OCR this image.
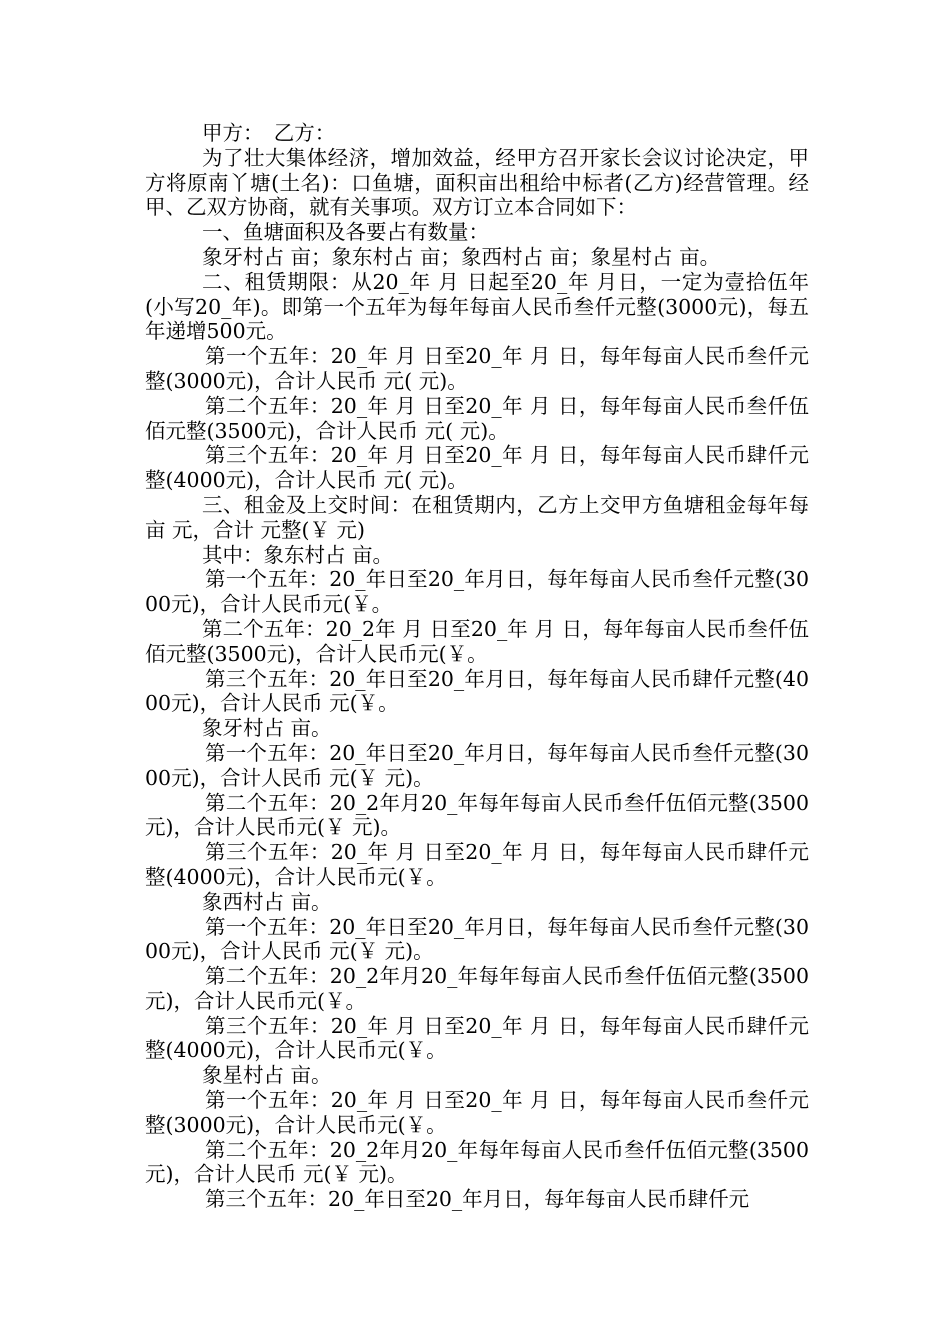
甲方：　乙方：

为了壮大集体经济，增加效益，经甲方召开家长会议讨论决定，甲方将原南丫塘(土名)：口鱼塘，面积亩出租给中标者(乙方)经营管理。经甲、乙双方协商，就有关事项。双方订立本合同如下：

一、鱼塘面积及各要占有数量：

象牙村占 亩；象东村占 亩；象西村占 亩；象星村占 亩。

二、租赁期限：从20_年 月 日起至20_年 月日，一定为壹拾伍年(小写20_年)。即第一个五年为每年每亩人民币叁仟元整(3000元)，每五年递增500元。

第一个五年：20_年 月 日至20_年 月 日，每年每亩人民币叁仟元整(3000元)，合计人民币 元( 元)。

第二个五年：20_年 月 日至20_年 月 日，每年每亩人民币叁仟伍佰元整(3500元)，合计人民币 元( 元)。

第三个五年：20_年 月 日至20_年 月 日，每年每亩人民币肆仟元整(4000元)，合计人民币 元( 元)。

三、租金及上交时间：在租赁期内，乙方上交甲方鱼塘租金每年每亩 元，合计 元整(￥ 元)

其中：象东村占 亩。

第一个五年：20_年日至20_年月日，每年每亩人民币叁仟元整(3000元)，合计人民币元(￥。

第二个五年：20_2年 月 日至20_年 月 日，每年每亩人民币叁仟伍佰元整(3500元)，合计人民币元(￥。

第三个五年：20_年日至20_年月日，每年每亩人民币肆仟元整(4000元)，合计人民币 元(￥。

象牙村占 亩。

第一个五年：20_年日至20_年月日，每年每亩人民币叁仟元整(3000元)，合计人民币 元(￥ 元)。

第二个五年：20_2年月20_年每年每亩人民币叁仟伍佰元整(3500元)，合计人民币元(￥ 元)。

第三个五年：20_年 月 日至20_年 月 日，每年每亩人民币肆仟元整(4000元)，合计人民币元(￥。

象西村占 亩。

第一个五年：20_年日至20_年月日，每年每亩人民币叁仟元整(3000元)，合计人民币 元(￥ 元)。

第二个五年：20_2年月20_年每年每亩人民币叁仟伍佰元整(3500元)，合计人民币元(￥。

第三个五年：20_年 月 日至20_年 月 日，每年每亩人民币肆仟元整(4000元)，合计人民币元(￥。

象星村占 亩。

第一个五年：20_年 月 日至20_年 月 日，每年每亩人民币叁仟元整(3000元)，合计人民币元(￥。

第二个五年：20_2年月20_年每年每亩人民币叁仟伍佰元整(3500元)，合计人民币 元(￥ 元)。

第三个五年：20_年日至20_年月日，每年每亩人民币肆仟元
